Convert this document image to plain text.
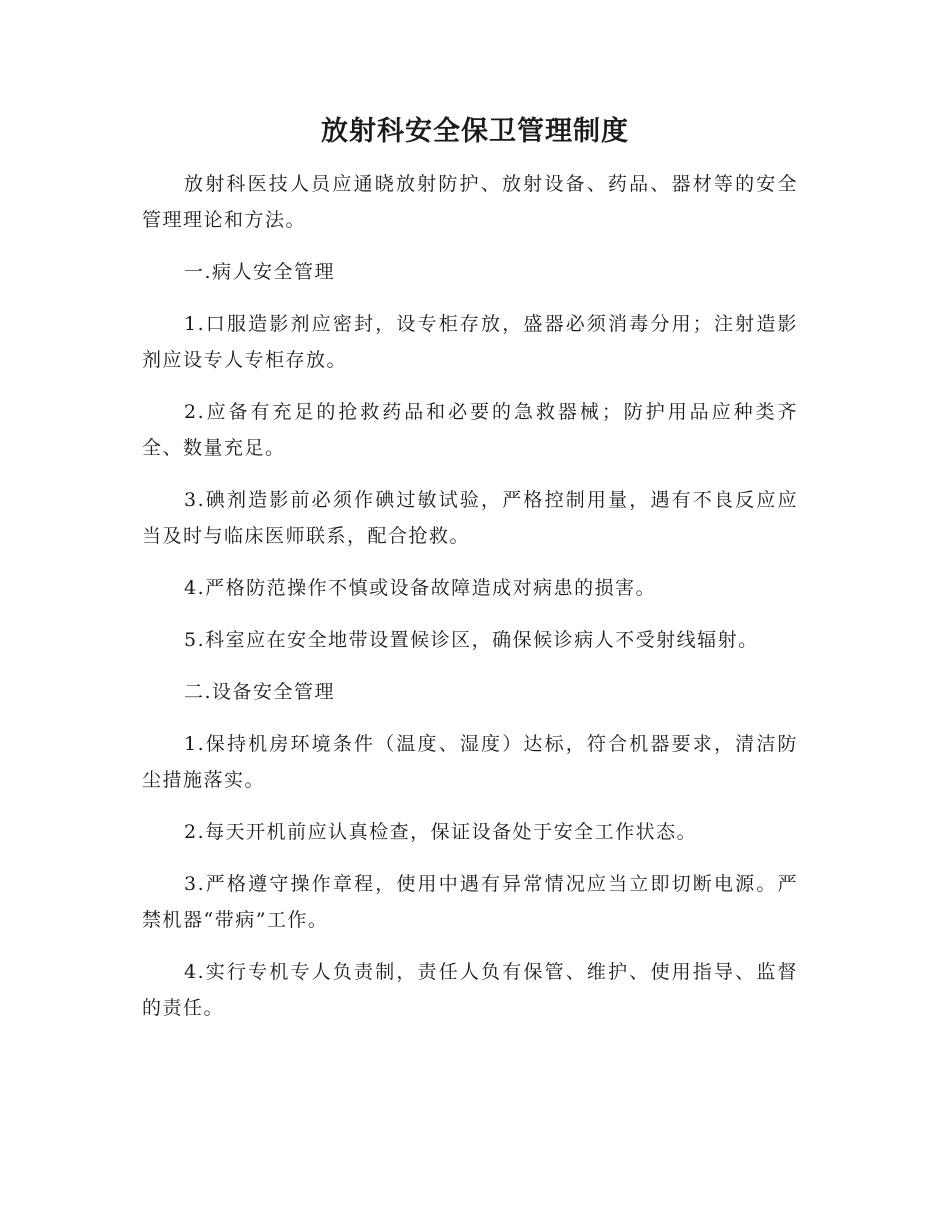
放射科安全保卫管理制度

放射科医技人员应通晓放射防护、放射设备、药品、器材等的安全管理理论和方法。

一.病人安全管理

1.口服造影剂应密封，设专柜存放，盛器必须消毒分用；注射造影剂应设专人专柜存放。

2.应备有充足的抢救药品和必要的急救器械；防护用品应种类齐全、数量充足。

3.碘剂造影前必须作碘过敏试验，严格控制用量，遇有不良反应应当及时与临床医师联系，配合抢救。

4.严格防范操作不慎或设备故障造成对病患的损害。

5.科室应在安全地带设置候诊区，确保候诊病人不受射线辐射。

二.设备安全管理

1.保持机房环境条件（温度、湿度）达标，符合机器要求，清洁防尘措施落实。

2.每天开机前应认真检查，保证设备处于安全工作状态。

3.严格遵守操作章程，使用中遇有异常情况应当立即切断电源。严禁机器“带病”工作。

4.实行专机专人负责制，责任人负有保管、维护、使用指导、监督的责任。
